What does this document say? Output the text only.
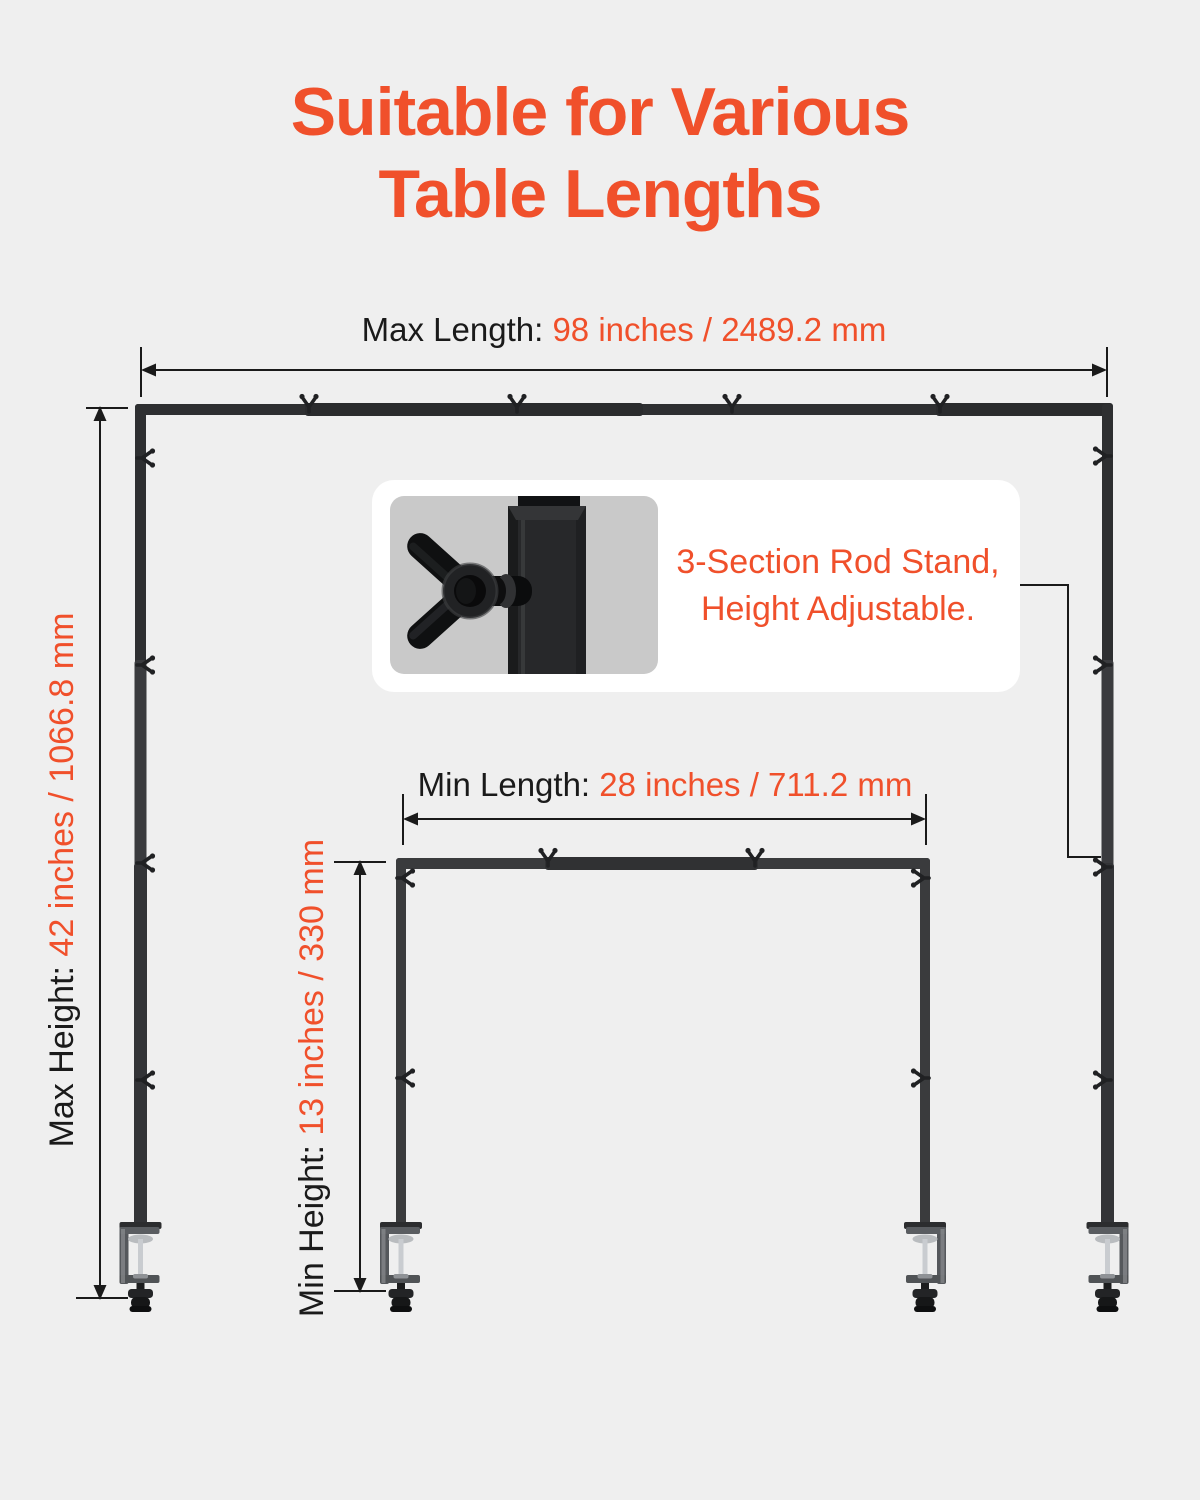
Suitable for Various
Table Lengths
Max Length: 98 inches / 2489.2 mm
Max Height: 42 inches / 1066.8 mm	Min Length: 28 inches / 711.2 mm
Min Height: 13 inches / 330 mm
3-Section Rod Stand,
Height Adjustable.
